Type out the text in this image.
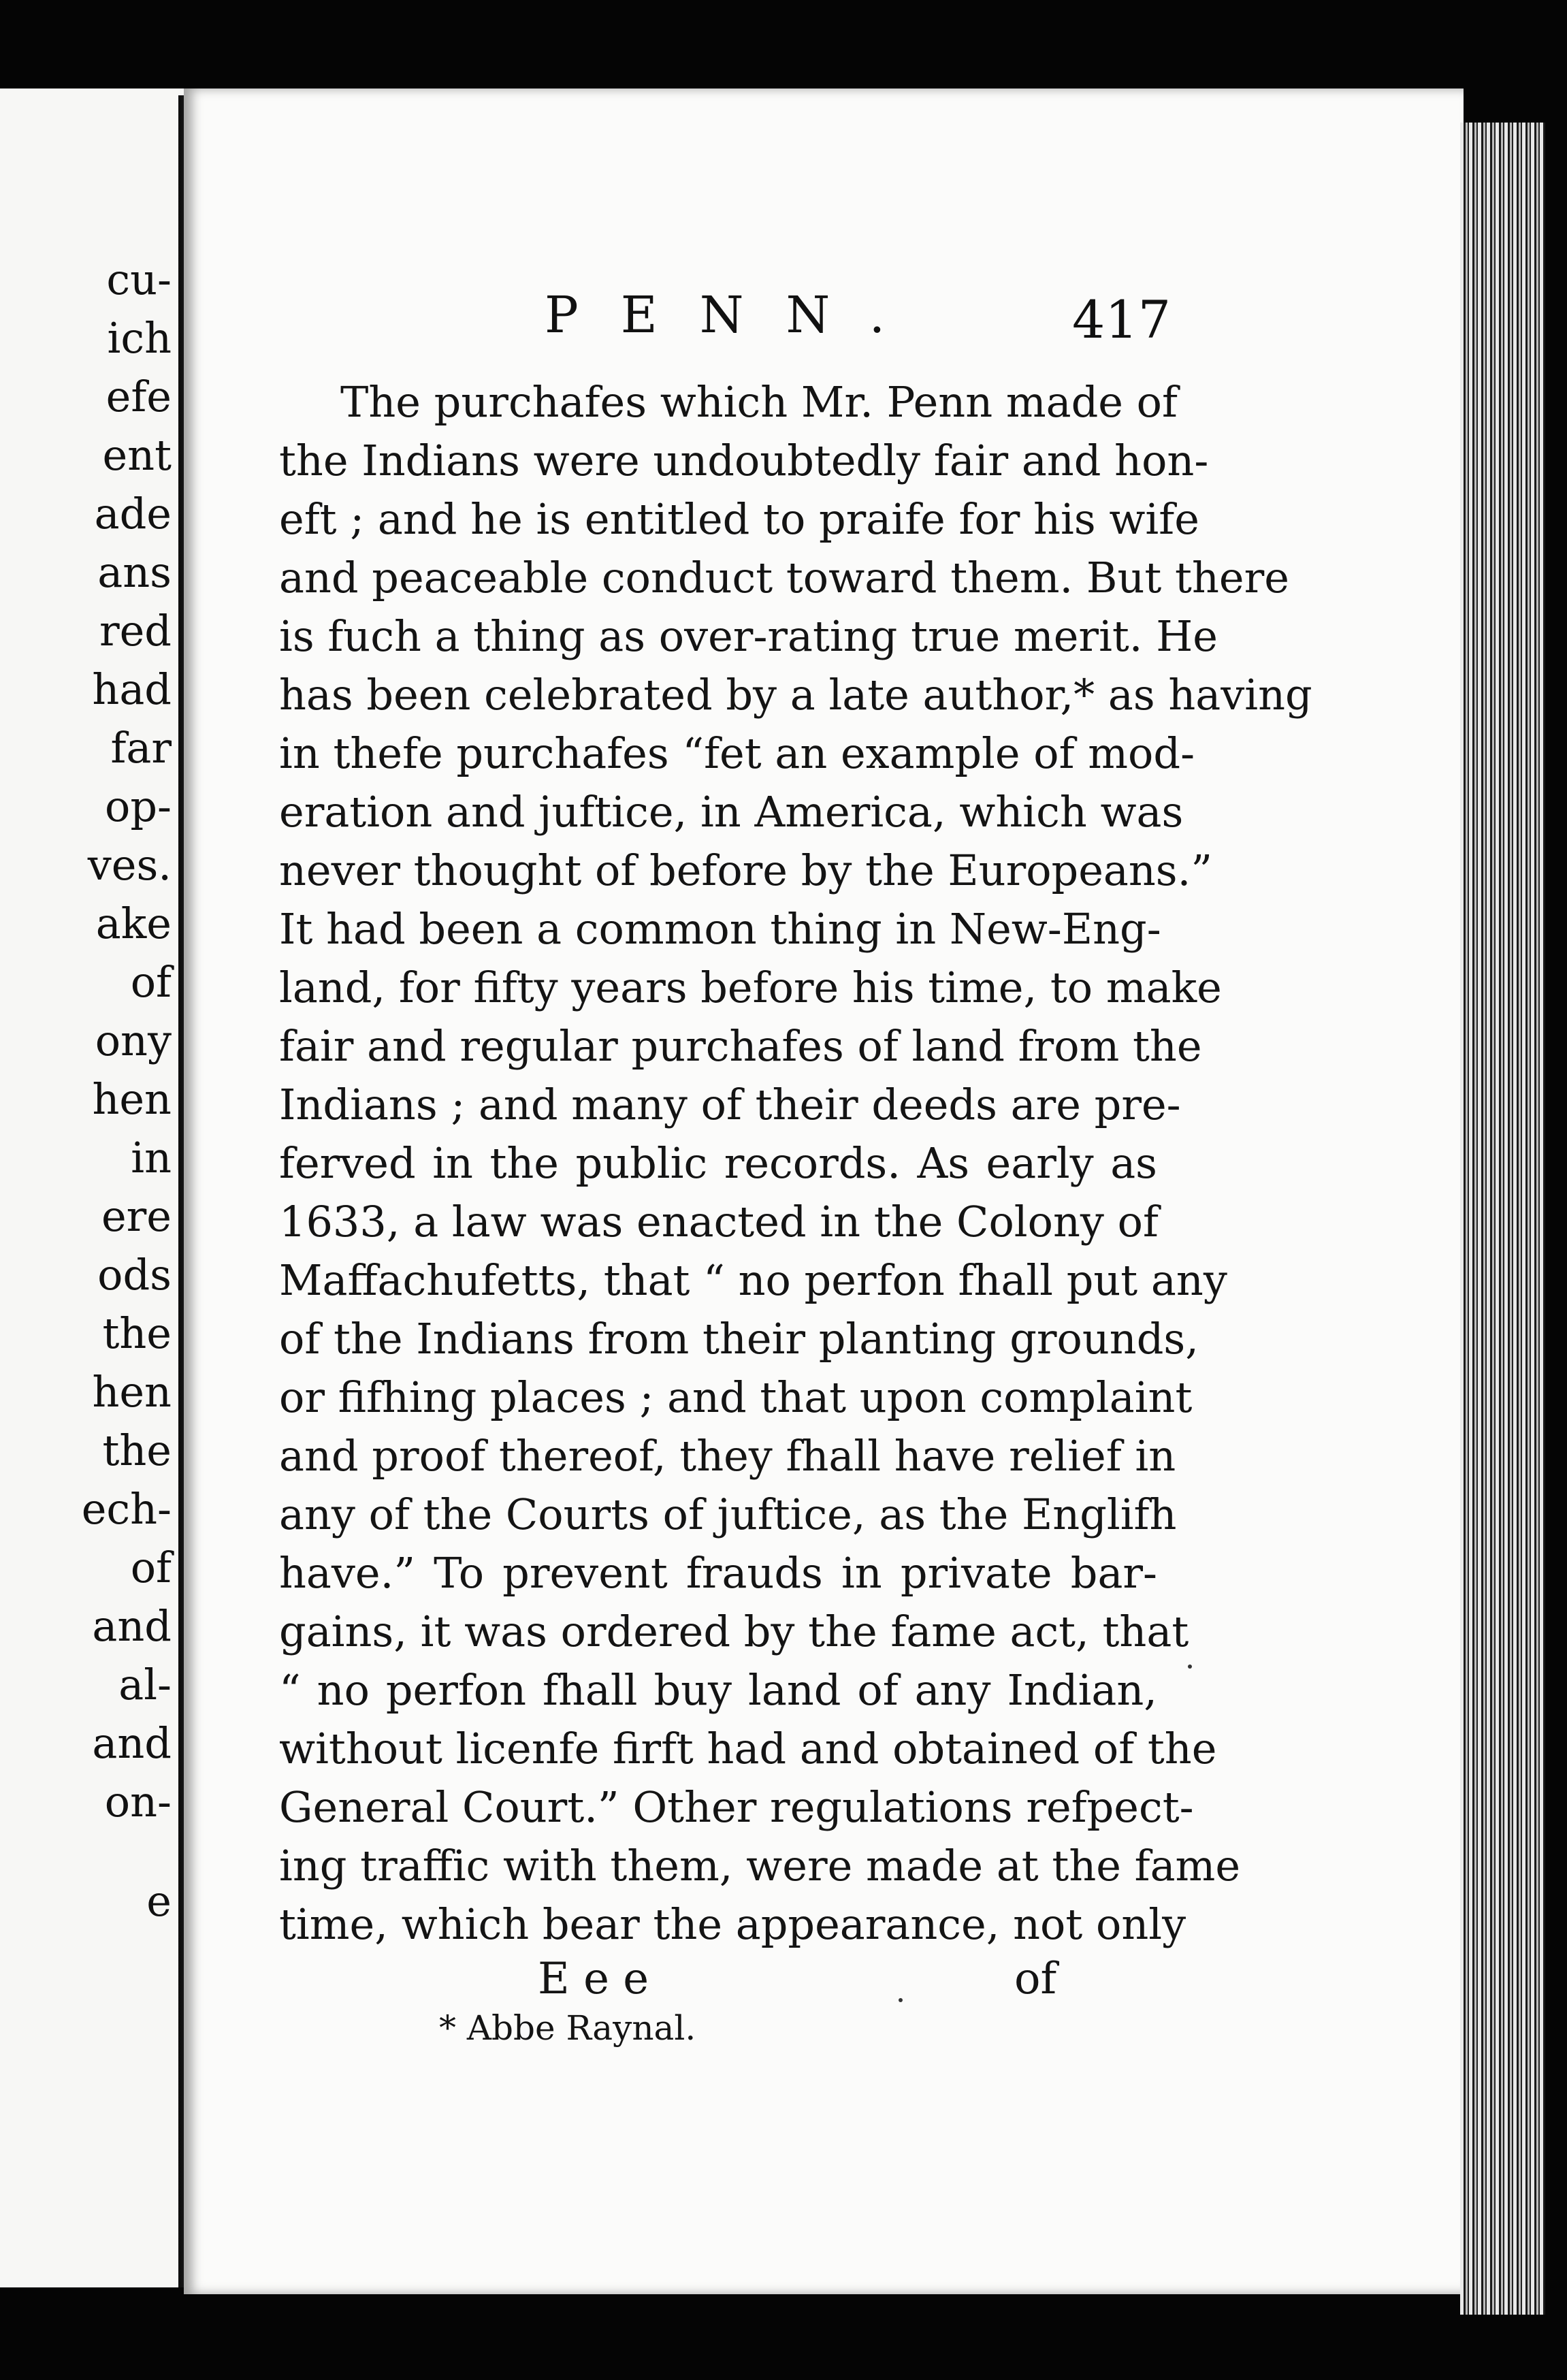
cu-
ich
efe
ent
ade
ans
red
had
far
op-
ves.
ake
of
ony
hen
in
ere
ods
the
hen
the
ech-
of
and
al-
and
on-
e
PENN.	417
The purchafes which Mr. Penn made of
the Indians were undoubtedly fair and hon-
eft ; and he is entitled to praife for his wife
and peaceable conduct toward them. But there
is fuch a thing as over-rating true merit. He
has been celebrated by a late author,* as having
in thefe purchafes “fet an example of mod-
eration and juftice, in America, which was
never thought of before by the Europeans.”
It had been a common thing in New-Eng-
land, for fifty years before his time, to make
fair and regular purchafes of land from the
Indians ; and many of their deeds are pre-
ferved in the public records. As early as
1633, a law was enacted in the Colony of
Maffachufetts, that “ no perfon fhall put any
of the Indians from their planting grounds,
or fifhing places ; and that upon complaint
and proof thereof, they fhall have relief in
any of the Courts of juftice, as the Englifh
have.” To prevent frauds in private bar-
gains, it was ordered by the fame act, that
“ no perfon fhall buy land of any Indian,
without licenfe firft had and obtained of the
General Court.” Other regulations refpect-
ing traffic with them, were made at the fame
time, which bear the appearance, not only
E e e	of
* Abbe Raynal.
